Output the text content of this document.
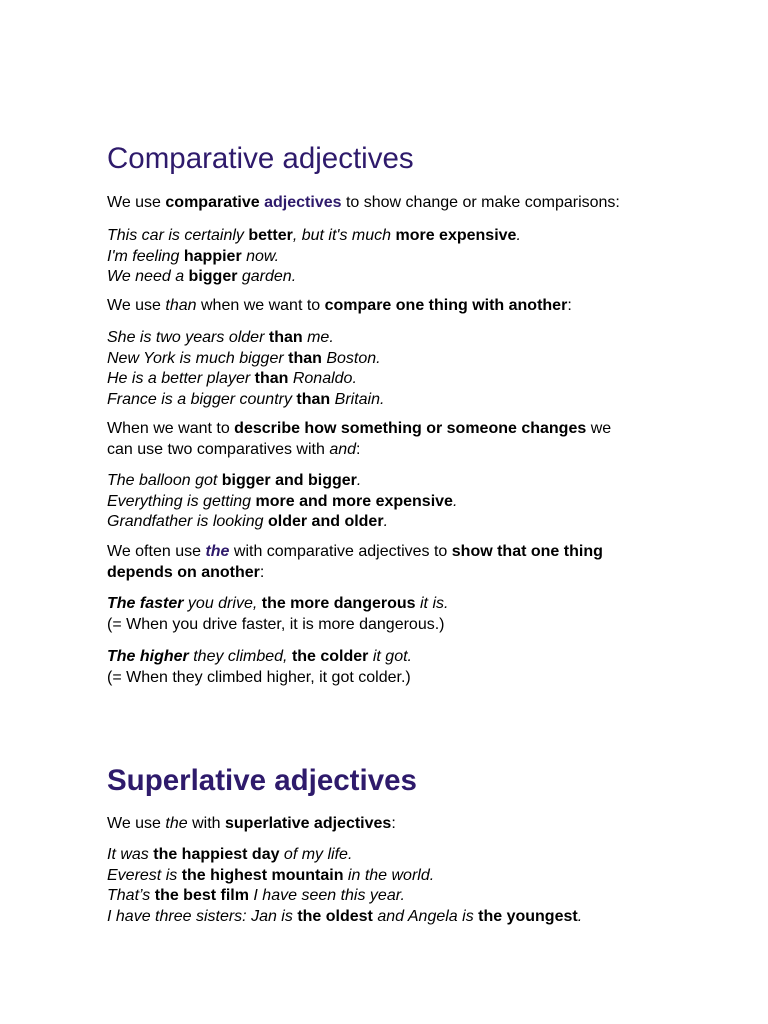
Comparative adjectives
We use comparative adjectives to show change or make comparisons:
This car is certainly better, but it's much more expensive.
I'm feeling happier now.
We need a bigger garden.
We use than when we want to compare one thing with another:
She is two years older than me.
New York is much bigger than Boston.
He is a better player than Ronaldo.
France is a bigger country than Britain.
When we want to describe how something or someone changes we
can use two comparatives with and:
The balloon got bigger and bigger.
Everything is getting more and more expensive.
Grandfather is looking older and older.
We often use the with comparative adjectives to show that one thing
depends on another:
The faster you drive, the more dangerous it is.
(= When you drive faster, it is more dangerous.)
The higher they climbed, the colder it got.
(= When they climbed higher, it got colder.)
Superlative adjectives
We use the with superlative adjectives:
It was the happiest day of my life.
Everest is the highest mountain in the world.
That’s the best film I have seen this year.
I have three sisters: Jan is the oldest and Angela is the youngest.
